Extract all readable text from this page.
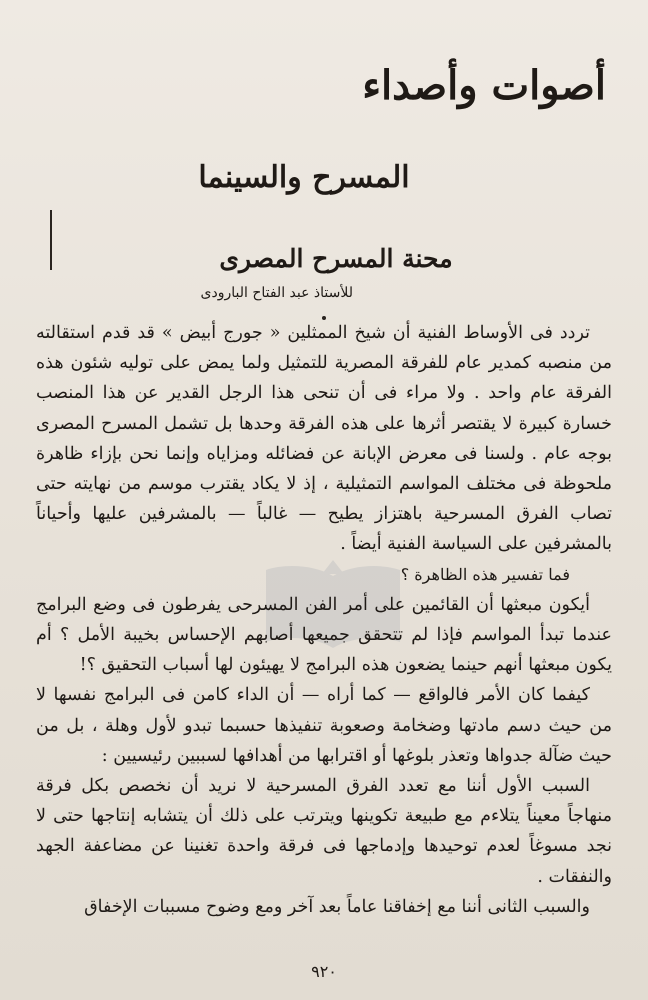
أصوات وأصداء
المسرح والسينما
محنة المسرح المصرى
للأستاذ عبد الفتاح البارودى

تردد فى الأوساط الفنية أن شيخ الممثلين « جورج أبيض » قد قدم استقالته من منصبه كمدير عام للفرقة المصرية للتمثيل ولما يمض على توليه شئون هذه الفرقة عام واحد . ولا مراء فى أن تنحى هذا الرجل القدير عن هذا المنصب خسارة كبيرة لا يقتصر أثرها على هذه الفرقة وحدها بل تشمل المسرح المصرى بوجه عام . ولسنا فى معرض الإبانة عن فضائله ومزاياه وإنما نحن بإزاء ظاهرة ملحوظة فى مختلف المواسم التمثيلية ، إذ لا يكاد يقترب موسم من نهايته حتى تصاب الفرق المسرحية باهتزاز يطيح — غالباً — بالمشرفين عليها وأحياناً بالمشرفين على السياسة الفنية أيضاً .

فما تفسير هذه الظاهرة ؟

أيكون مبعثها أن القائمين على أمر الفن المسرحى يفرطون فى وضع البرامج عندما تبدأ المواسم فإذا لم تتحقق جميعها أصابهم الإحساس بخيبة الأمل ؟ أم يكون مبعثها أنهم حينما يضعون هذه البرامج لا يهيئون لها أسباب التحقيق ؟!

كيفما كان الأمر فالواقع — كما أراه — أن الداء كامن فى البرامج نفسها لا من حيث دسم مادتها وضخامة وصعوبة تنفيذها حسبما تبدو لأول وهلة ، بل من حيث ضآلة جدواها وتعذر بلوغها أو اقترابها من أهدافها لسببين رئيسيين :

السبب الأول أننا مع تعدد الفرق المسرحية لا نريد أن نخصص بكل فرقة منهاجاً معيناً يتلاءم مع طبيعة تكوينها ويترتب على ذلك أن يتشابه إنتاجها حتى لا نجد مسوغاً لعدم توحيدها وإدماجها فى فرقة واحدة تغنينا عن مضاعفة الجهد والنفقات .

والسبب الثانى أننا مع إخفاقنا عاماً بعد آخر ومع وضوح مسببات الإخفاق

٩٢٠
